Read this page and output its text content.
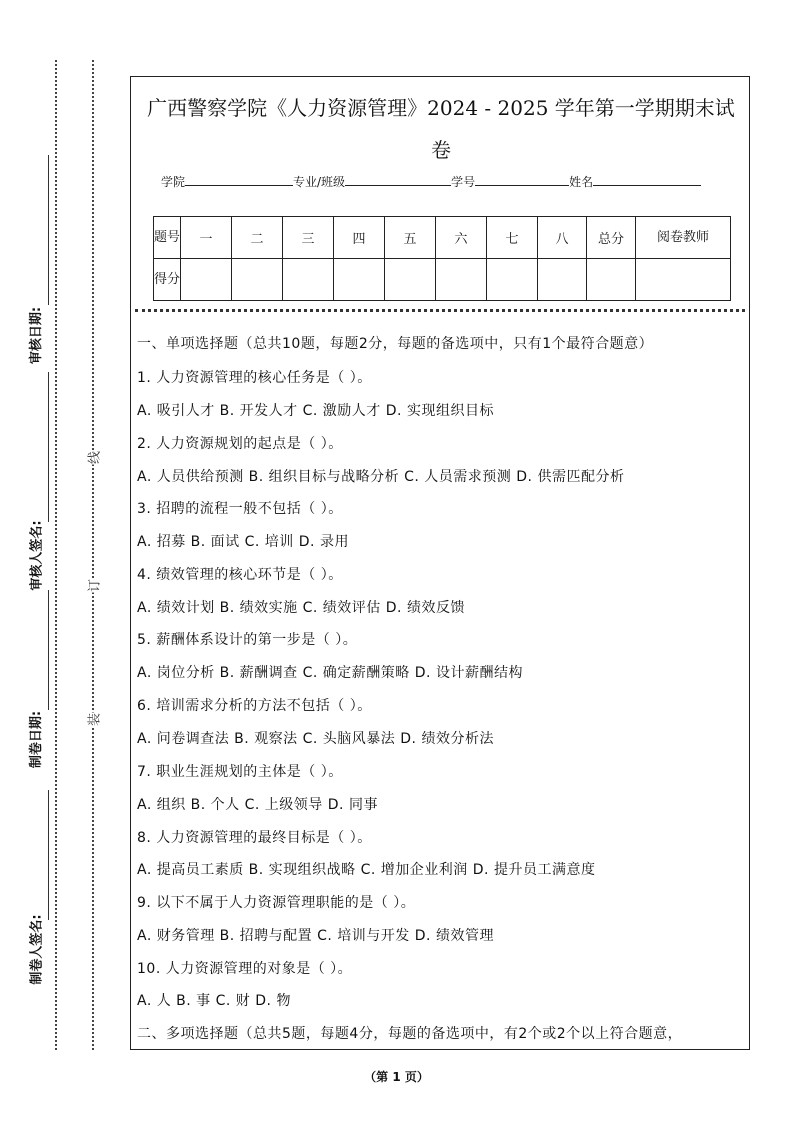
审核日期:
审核人签名:
制卷日期:
制卷人签名:
线
订
装
广西警察学院《人力资源管理》2024 - 2025 学年第一学期期末试
卷
学院	专业/班级	学号	姓名
题号	一	二	三	四	五	六	七	八	总分	阅卷教师
得分										
一、单项选择题（总共10题，每题2分，每题的备选项中，只有1个最符合题意）
1. 人力资源管理的核心任务是（ ）。
A. 吸引人才 B. 开发人才 C. 激励人才 D. 实现组织目标
2. 人力资源规划的起点是（ ）。
A. 人员供给预测 B. 组织目标与战略分析 C. 人员需求预测 D. 供需匹配分析
3. 招聘的流程一般不包括（ ）。
A. 招募 B. 面试 C. 培训 D. 录用
4. 绩效管理的核心环节是（ ）。
A. 绩效计划 B. 绩效实施 C. 绩效评估 D. 绩效反馈
5. 薪酬体系设计的第一步是（ ）。
A. 岗位分析 B. 薪酬调查 C. 确定薪酬策略 D. 设计薪酬结构
6. 培训需求分析的方法不包括（ ）。
A. 问卷调查法 B. 观察法 C. 头脑风暴法 D. 绩效分析法
7. 职业生涯规划的主体是（ ）。
A. 组织 B. 个人 C. 上级领导 D. 同事
8. 人力资源管理的最终目标是（ ）。
A. 提高员工素质 B. 实现组织战略 C. 增加企业利润 D. 提升员工满意度
9. 以下不属于人力资源管理职能的是（ ）。
A. 财务管理 B. 招聘与配置 C. 培训与开发 D. 绩效管理
10. 人力资源管理的对象是（ ）。
A. 人 B. 事 C. 财 D. 物
二、多项选择题（总共5题，每题4分，每题的备选项中，有2个或2个以上符合题意，
（第 1 页）
